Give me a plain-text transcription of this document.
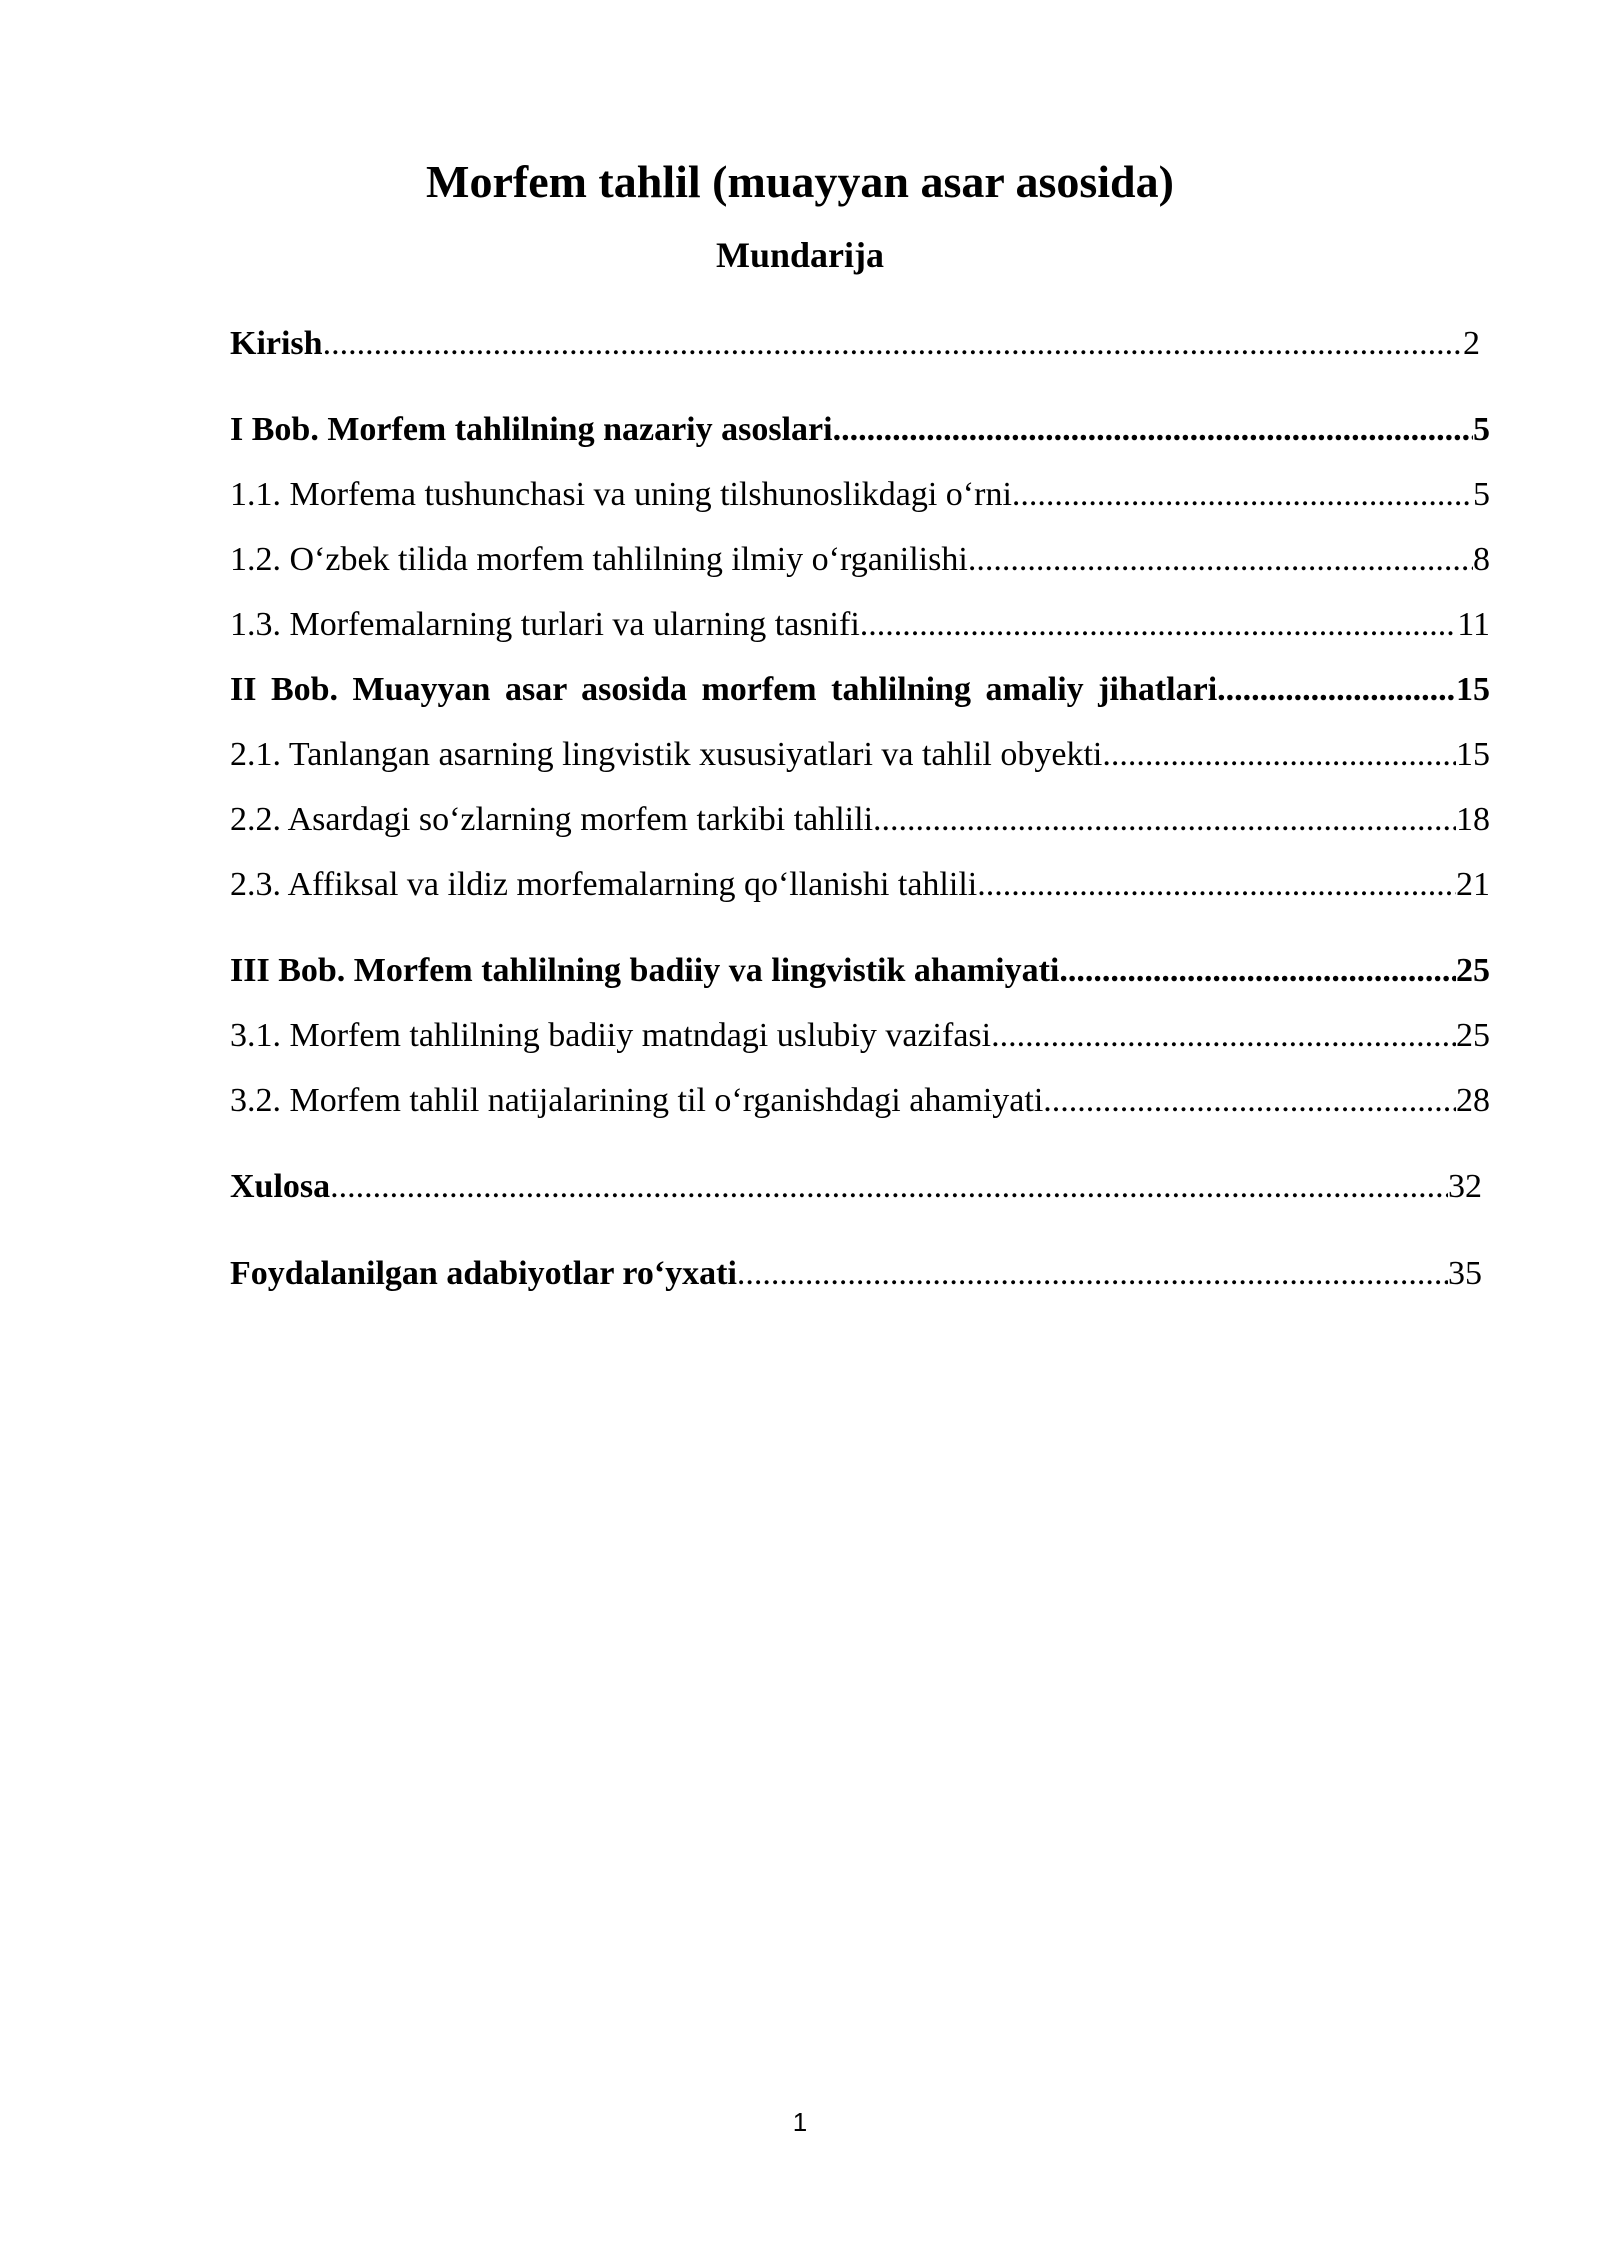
Morfem tahlil (muayyan asar asosida)
Mundarija
Kirish .....	2
I Bob. Morfem tahlilning nazariy asoslari .....	5
1.1. Morfema tushunchasi va uning tilshunoslikdagi o‘rni .....	5
1.2. O‘zbek tilida morfem tahlilning ilmiy o‘rganilishi .....	8
1.3. Morfemalarning turlari va ularning tasnifi .....	11
II Bob. Muayyan asar asosida morfem tahlilning amaliy jihatlari .....	15
2.1. Tanlangan asarning lingvistik xususiyatlari va tahlil obyekti .....	15
2.2. Asardagi so‘zlarning morfem tarkibi tahlili .....	18
2.3. Affiksal va ildiz morfemalarning qo‘llanishi tahlili .....	21
III Bob. Morfem tahlilning badiiy va lingvistik ahamiyati .....	25
3.1. Morfem tahlilning badiiy matndagi uslubiy vazifasi .....	25
3.2. Morfem tahlil natijalarining til o‘rganishdagi ahamiyati .....	28
Xulosa .....	32
Foydalanilgan adabiyotlar ro‘yxati .....	35
1
